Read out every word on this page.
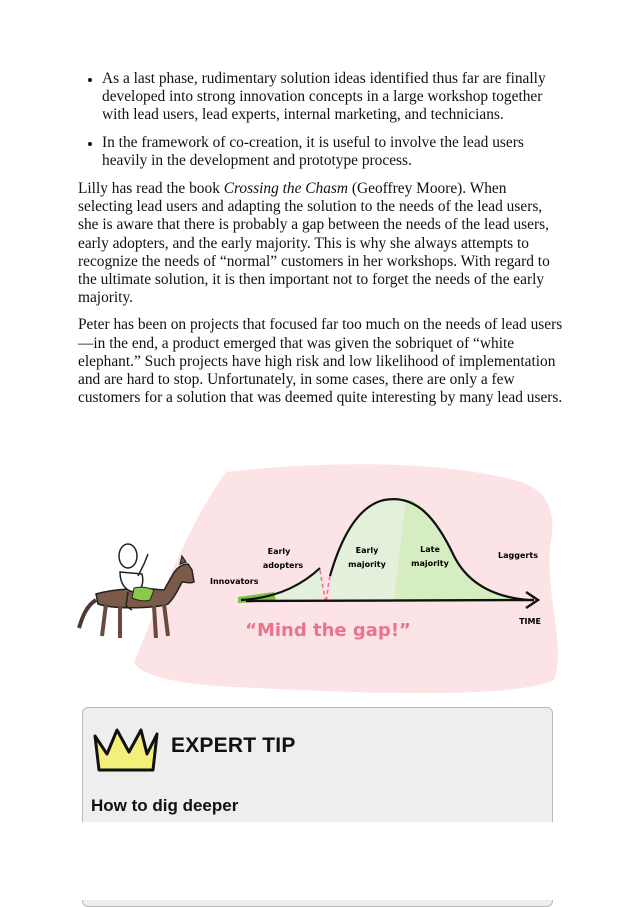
• As a last phase, rudimentary solution ideas identified thus far are finally developed into strong innovation concepts in a large workshop together with lead users, lead experts, internal marketing, and technicians.
• In the framework of co-creation, it is useful to involve the lead users heavily in the development and prototype process.

Lilly has read the book Crossing the Chasm (Geoffrey Moore). When selecting lead users and adapting the solution to the needs of the lead users, she is aware that there is probably a gap between the needs of the lead users, early adopters, and the early majority. This is why she always attempts to recognize the needs of “normal” customers in her workshops. With regard to the ultimate solution, it is then important not to forget the needs of the early majority.

Peter has been on projects that focused far too much on the needs of lead users—in the end, a product emerged that was given the sobriquet of “white elephant.” Such projects have high risk and low likelihood of implementation and are hard to stop. Unfortunately, in some cases, there are only a few customers for a solution that was deemed quite interesting by many lead users.

Innovators
Early
adopters
Early
majority
Late
majority
Laggerts
TIME
“Mind the gap!”
EXPERT TIP
How to dig deeper
